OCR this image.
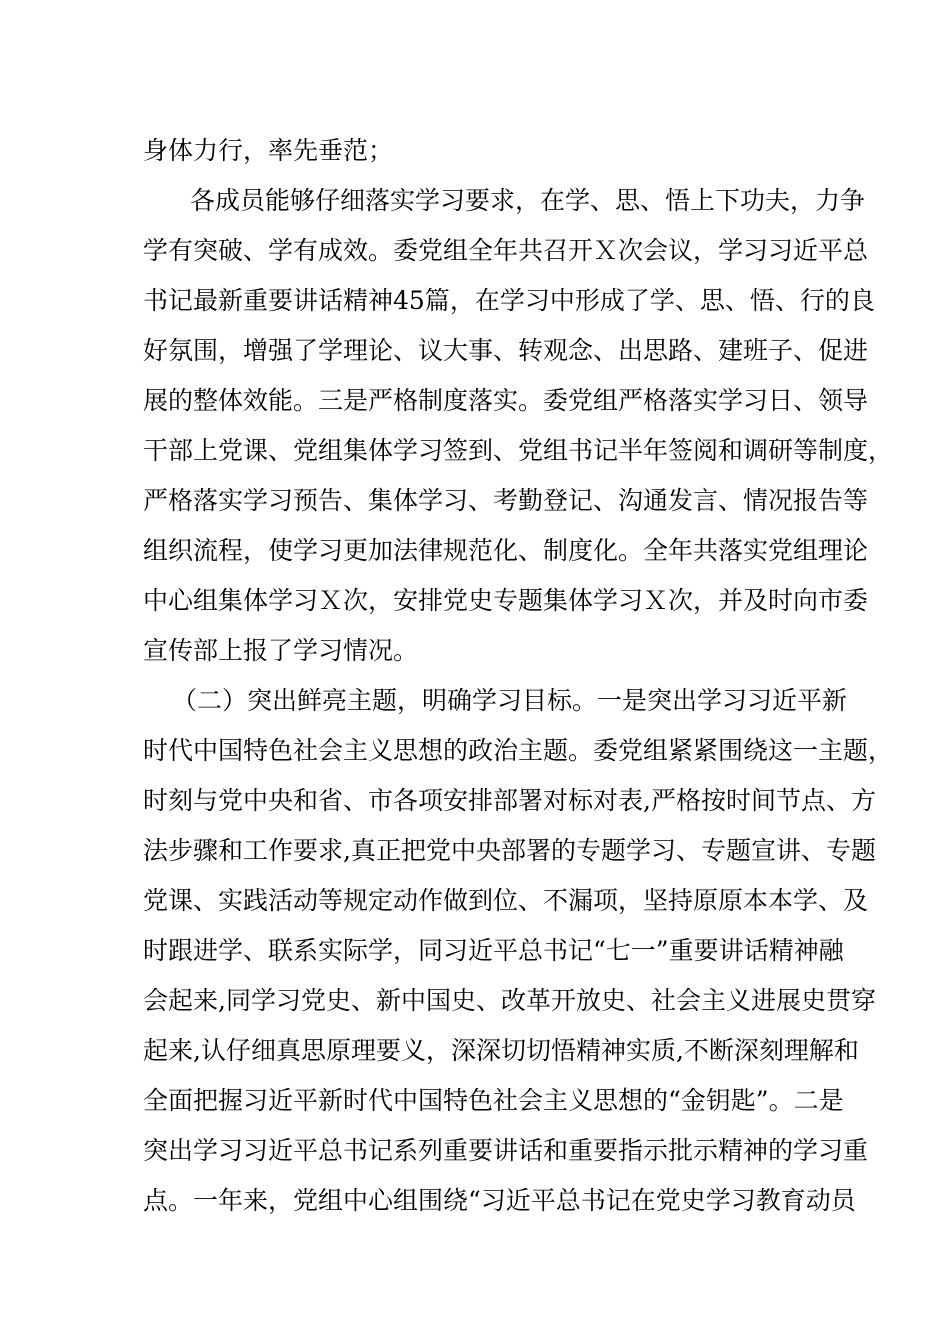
身体力行，率先垂范；
各成员能够仔细落实学习要求，在学、思、悟上下功夫，力争
学有突破、学有成效。委党组全年共召开Ｘ次会议，学习习近平总
书记最新重要讲话精神45篇，在学习中形成了学、思、悟、行的良
好氛围，增强了学理论、议大事、转观念、出思路、建班子、促进
展的整体效能。三是严格制度落实。委党组严格落实学习日、领导
干部上党课、党组集体学习签到、党组书记半年签阅和调研等制度，
严格落实学习预告、集体学习、考勤登记、沟通发言、情况报告等
组织流程，使学习更加法律规范化、制度化。全年共落实党组理论
中心组集体学习Ｘ次，安排党史专题集体学习Ｘ次，并及时向市委
宣传部上报了学习情况。
（二）突出鲜亮主题，明确学习目标。一是突出学习习近平新
时代中国特色社会主义思想的政治主题。委党组紧紧围绕这一主题，
时刻与党中央和省、市各项安排部署对标对表,严格按时间节点、方
法步骤和工作要求,真正把党中央部署的专题学习、专题宣讲、专题
党课、实践活动等规定动作做到位、不漏项，坚持原原本本学、及
时跟进学、联系实际学，同习近平总书记“七一”重要讲话精神融
会起来,同学习党史、新中国史、改革开放史、社会主义进展史贯穿
起来,认仔细真思原理要义，深深切切悟精神实质,不断深刻理解和
全面把握习近平新时代中国特色社会主义思想的“金钥匙”。二是
突出学习习近平总书记系列重要讲话和重要指示批示精神的学习重
点。一年来，党组中心组围绕“习近平总书记在党史学习教育动员
